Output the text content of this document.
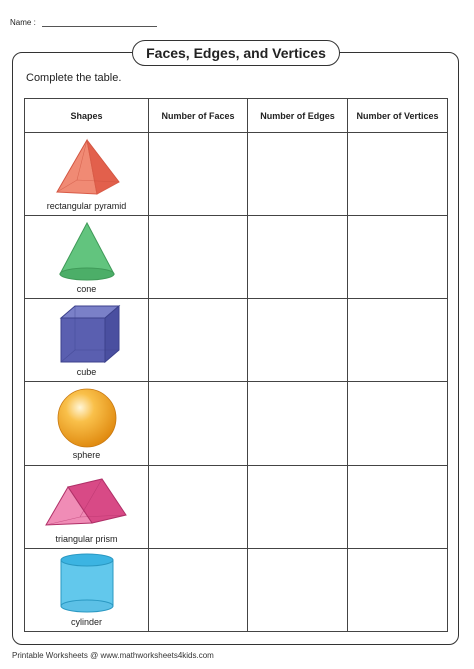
Name :
Faces, Edges, and Vertices
Complete the table.
Shapes	Number of Faces	Number of Edges	Number of Vertices

rectangular pyramid			

cone			

cube			

sphere			

triangular prism			

cylinder			

Printable Worksheets @ www.mathworksheets4kids.com
